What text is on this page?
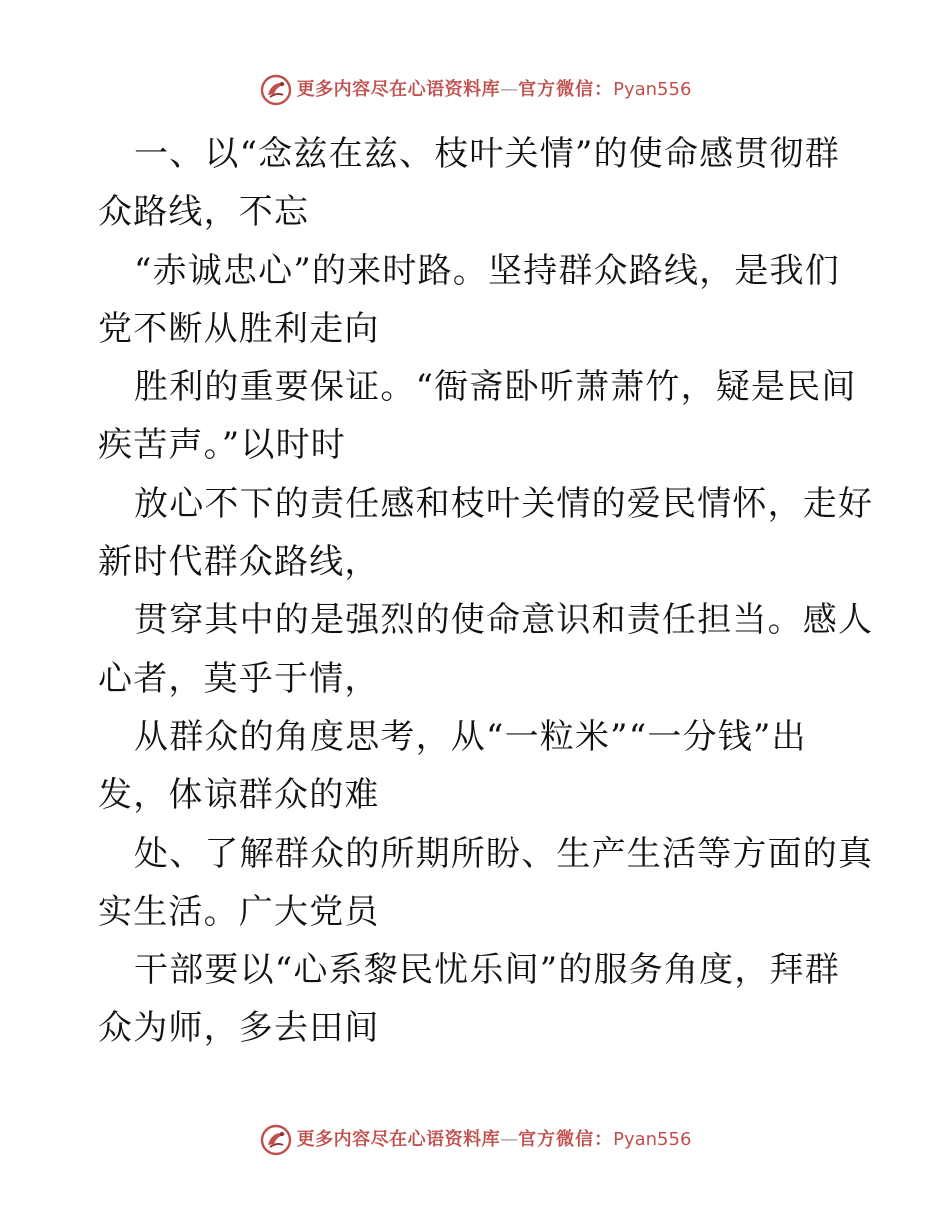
更多内容尽在心语资料库 — 官方微信： Pyan556
一、以“念兹在兹、枝叶关情”的使命感贯彻群
众路线，不忘
“赤诚忠心”的来时路。坚持群众路线，是我们
党不断从胜利走向
胜利的重要保证。“衙斋卧听萧萧竹，疑是民间
疾苦声。”以时时
放心不下的责任感和枝叶关情的爱民情怀，走好
新时代群众路线，
贯穿其中的是强烈的使命意识和责任担当。感人
心者，莫乎于情，
从群众的角度思考，从“一粒米”“一分钱”出
发，体谅群众的难
处、了解群众的所期所盼、生产生活等方面的真
实生活。广大党员
干部要以“心系黎民忧乐间”的服务角度，拜群
众为师，多去田间
更多内容尽在心语资料库 — 官方微信： Pyan556
